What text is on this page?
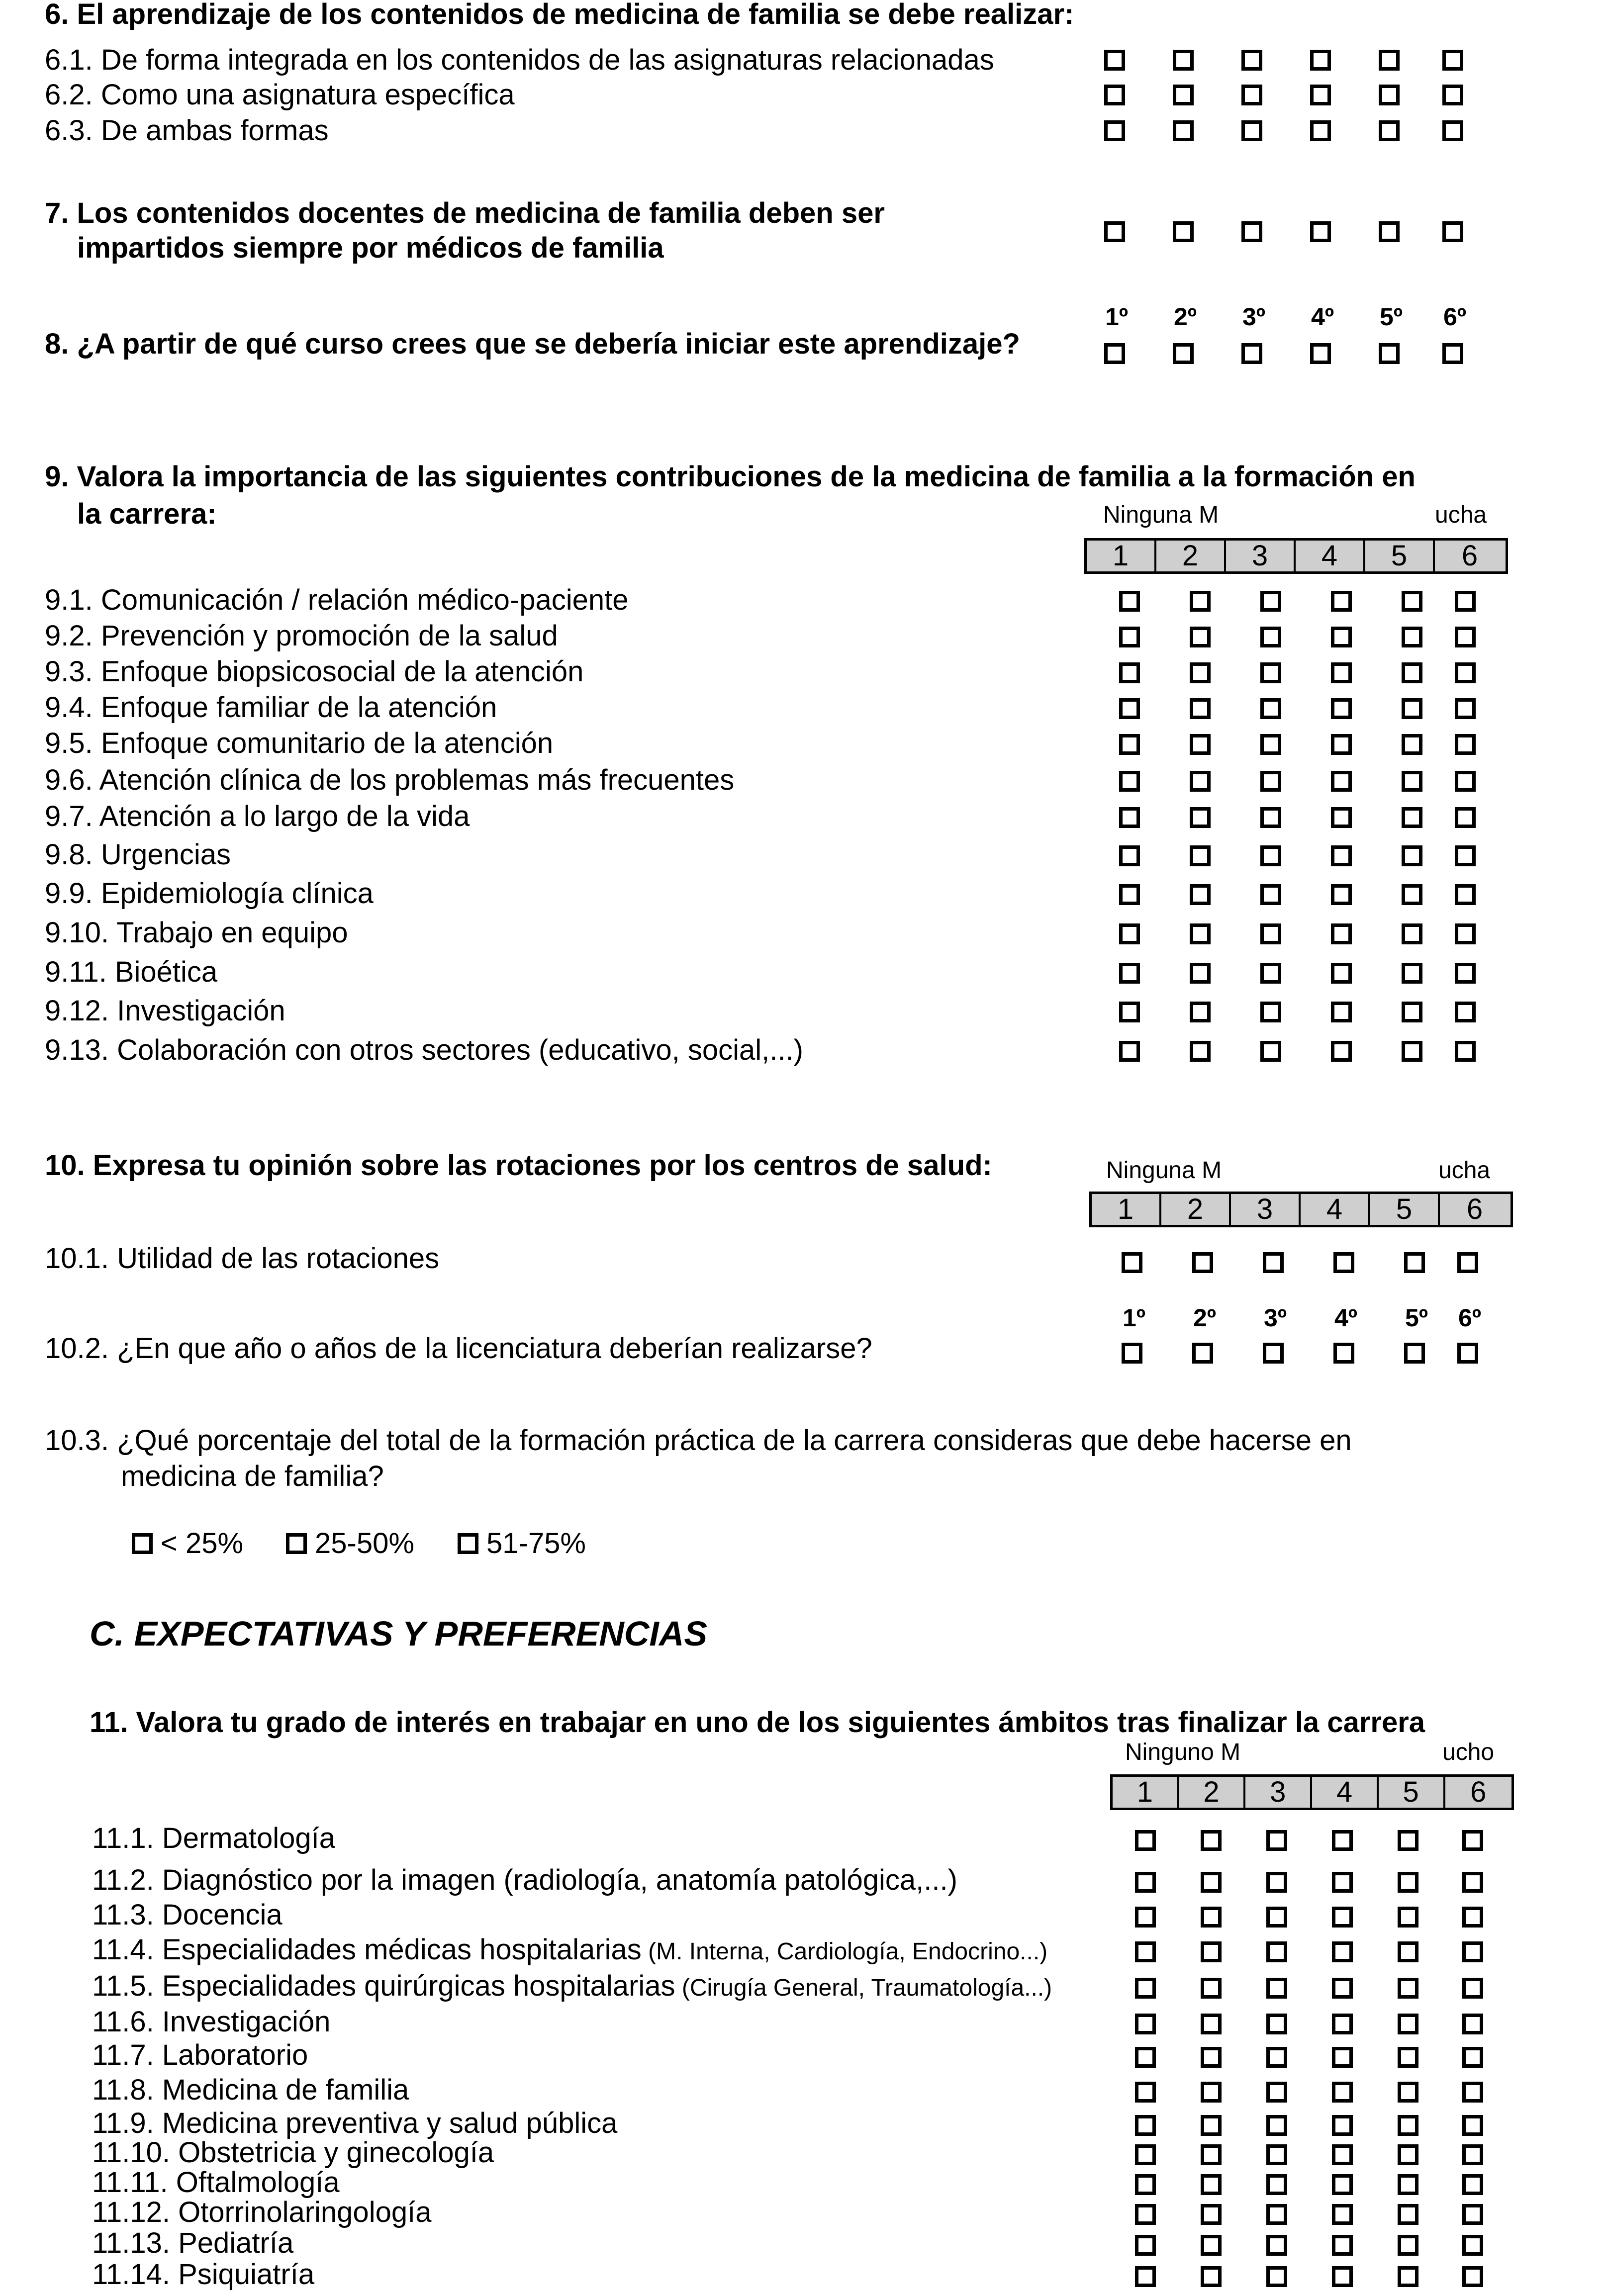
6. El aprendizaje de los contenidos de medicina de familia se debe realizar:
6.1. De forma integrada en los contenidos de las asignaturas relacionadas
6.2. Como una asignatura específica
6.3. De ambas formas
7. Los contenidos docentes de medicina de familia deben ser
impartidos siempre por médicos de familia
8. ¿A partir de qué curso crees que se debería iniciar este aprendizaje?
1º 2º 3º 4º 5º 6º
9. Valora la importancia de las siguientes contribuciones de la medicina de familia a la formación en
la carrera:	Ninguna M	ucha
1	2	3	4	5	6
9.1. Comunicación / relación médico-paciente
9.2. Prevención y promoción de la salud
9.3. Enfoque biopsicosocial de la atención
9.4. Enfoque familiar de la atención
9.5. Enfoque comunitario de la atención
9.6. Atención clínica de los problemas más frecuentes
9.7. Atención a lo largo de la vida
9.8. Urgencias
9.9. Epidemiología clínica
9.10. Trabajo en equipo
9.11. Bioética
9.12. Investigación
9.13. Colaboración con otros sectores (educativo, social,...)
10. Expresa tu opinión sobre las rotaciones por los centros de salud:	Ninguna M	ucha
1	2	3	4	5	6
10.1. Utilidad de las rotaciones
1º 2º 3º 4º 5º 6º
10.2. ¿En que año o años de la licenciatura deberían realizarse?
10.3. ¿Qué porcentaje del total de la formación práctica de la carrera consideras que debe hacerse en
medicina de familia?
< 25% 25-50%	51-75%
C. EXPECTATIVAS Y PREFERENCIAS
11. Valora tu grado de interés en trabajar en uno de los siguientes ámbitos tras finalizar la carrera
Ninguno M	ucho
1	2	3	4	5	6
11.1. Dermatología
11.2. Diagnóstico por la imagen (radiología, anatomía patológica,...)
11.3. Docencia
11.4. Especialidades médicas hospitalarias (M. Interna, Cardiología, Endocrino...)
11.5. Especialidades quirúrgicas hospitalarias (Cirugía General, Traumatología...)
11.6. Investigación
11.7. Laboratorio
11.8. Medicina de familia
11.9. Medicina preventiva y salud pública
11.10. Obstetricia y ginecología
11.11. Oftalmología
11.12. Otorrinolaringología
11.13. Pediatría
11.14. Psiquiatría
